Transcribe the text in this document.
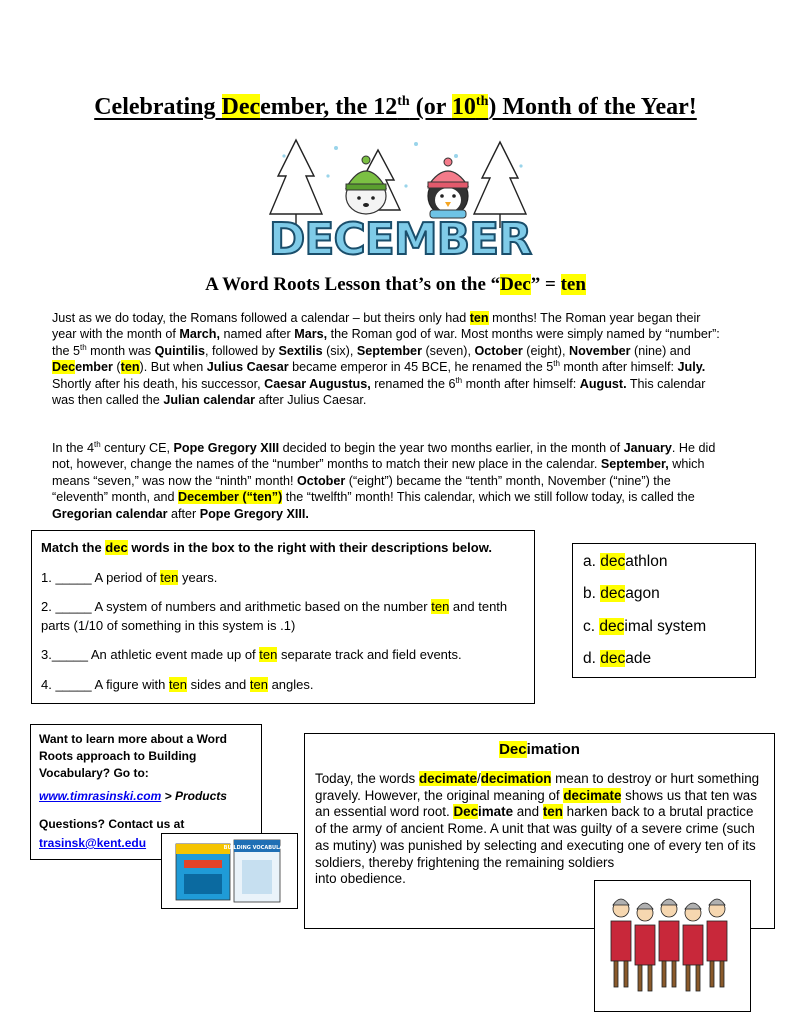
Celebrating December, the 12th (or 10th) Month of the Year!
DECEMBER
A Word Roots Lesson that’s on the “Dec” = ten
Just as we do today, the Romans followed a calendar – but theirs only had ten months! The Roman year began their year with the month of March, named after Mars, the Roman god of war. Most months were simply named by “number”: the 5th month was Quintilis, followed by Sextilis (six), September (seven), October (eight), November (nine) and December (ten). But when Julius Caesar became emperor in 45 BCE, he renamed the 5th month after himself: July. Shortly after his death, his successor, Caesar Augustus, renamed the 6th month after himself: August. This calendar was then called the Julian calendar after Julius Caesar.
In the 4th century CE, Pope Gregory XIII decided to begin the year two months earlier, in the month of January. He did not, however, change the names of the “number” months to match their new place in the calendar. September, which means “seven,” was now the “ninth” month! October (“eight”) became the “tenth” month, November (“nine”) the “eleventh” month, and December (“ten”) the “twelfth” month! This calendar, which we still follow today, is called the Gregorian calendar after Pope Gregory XIII.
Match the dec words in the box to the right with their descriptions below.
1. _____ A period of ten years.
2. _____ A system of numbers and arithmetic based on the number ten and tenth parts (1/10 of something in this system is .1)
3._____ An athletic event made up of ten separate track and field events.
4. _____ A figure with ten sides and ten angles.
a. decathlon
b. decagon
c. decimal system
d. decade
Want to learn more about a Word Roots approach to Building Vocabulary? Go to:
www.timrasinski.com > Products
Questions? Contact us at
trasinsk@kent.edu	BUILDING VOCABULARY
Decimation
Today, the words decimate/decimation mean to destroy or hurt something gravely. However, the original meaning of decimate shows us that ten was an essential word root. Decimate and ten harken back to a brutal practice of the army of ancient Rome. A unit that was guilty of a severe crime (such as mutiny) was punished by selecting and executing one of every ten of its soldiers, thereby frightening the remaining soldiers
into obedience.
